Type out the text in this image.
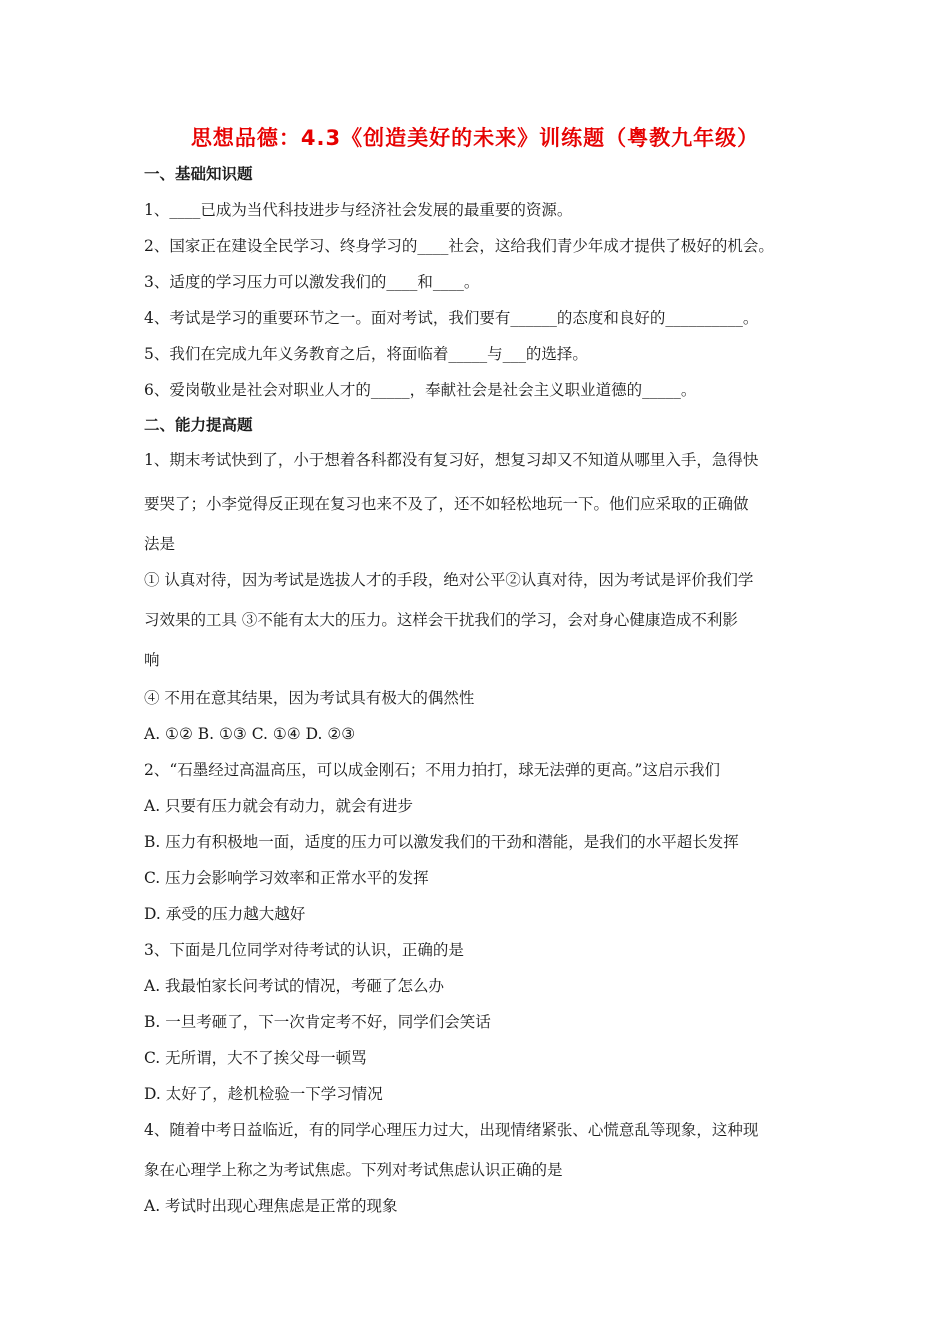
思想品德：4.3《创造美好的未来》训练题（粤教九年级）
一、基础知识题
1、____已成为当代科技进步与经济社会发展的最重要的资源。
2、国家正在建设全民学习、终身学习的____社会，这给我们青少年成才提供了极好的机会。
3、适度的学习压力可以激发我们的____和____。
4、考试是学习的重要环节之一。面对考试，我们要有______的态度和良好的__________。
5、我们在完成九年义务教育之后，将面临着_____与___的选择。
6、爱岗敬业是社会对职业人才的_____，奉献社会是社会主义职业道德的_____。
二、能力提高题
1、期末考试快到了，小于想着各科都没有复习好，想复习却又不知道从哪里入手，急得快
要哭了；小李觉得反正现在复习也来不及了，还不如轻松地玩一下。他们应采取的正确做
法是
① 认真对待，因为考试是选拔人才的手段，绝对公平②认真对待，因为考试是评价我们学
习效果的工具 ③不能有太大的压力。这样会干扰我们的学习，会对身心健康造成不利影
响
④ 不用在意其结果，因为考试具有极大的偶然性
A. ①② B. ①③ C. ①④ D. ②③
2、“石墨经过高温高压，可以成金刚石；不用力拍打，球无法弹的更高。”这启示我们
A. 只要有压力就会有动力，就会有进步
B. 压力有积极地一面，适度的压力可以激发我们的干劲和潜能，是我们的水平超长发挥
C. 压力会影响学习效率和正常水平的发挥
D. 承受的压力越大越好
3、下面是几位同学对待考试的认识，正确的是
A. 我最怕家长问考试的情况，考砸了怎么办
B. 一旦考砸了，下一次肯定考不好，同学们会笑话
C. 无所谓，大不了挨父母一顿骂
D. 太好了，趁机检验一下学习情况
4、随着中考日益临近，有的同学心理压力过大，出现情绪紧张、心慌意乱等现象，这种现
象在心理学上称之为考试焦虑。下列对考试焦虑认识正确的是
A. 考试时出现心理焦虑是正常的现象
